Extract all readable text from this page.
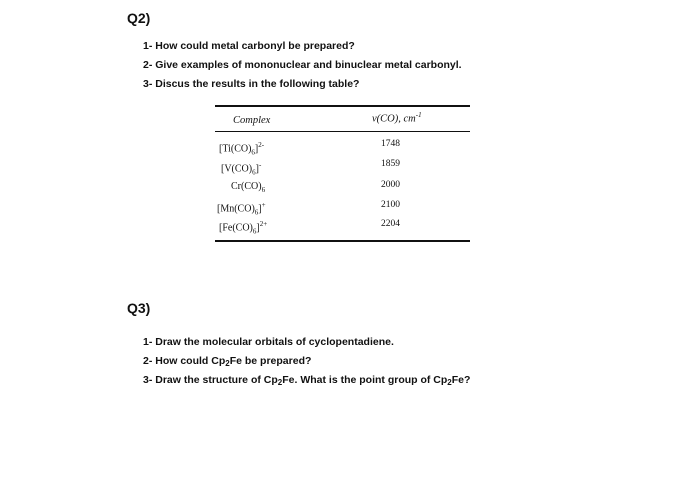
Q2)
1- How could metal carbonyl be prepared?
2- Give examples of mononuclear and binuclear metal carbonyl.
3- Discus the results in the following table?
Complex	v(CO), $cm^{-1}$
$[Ti(CO)_6]^{2-}$	1748
$[V(CO)_6]^-$	1859
$Cr(CO)_6$	2000
$[Mn(CO)_6]^+$	2100
$[Fe(CO)_6]^{2+}$	2204
Q3)
1- Draw the molecular orbitals of cyclopentadiene.
2- How could $Cp_2Fe$ be prepared?
3- Draw the structure of $Cp_2Fe$. What is the point group of $Cp_2Fe$?
